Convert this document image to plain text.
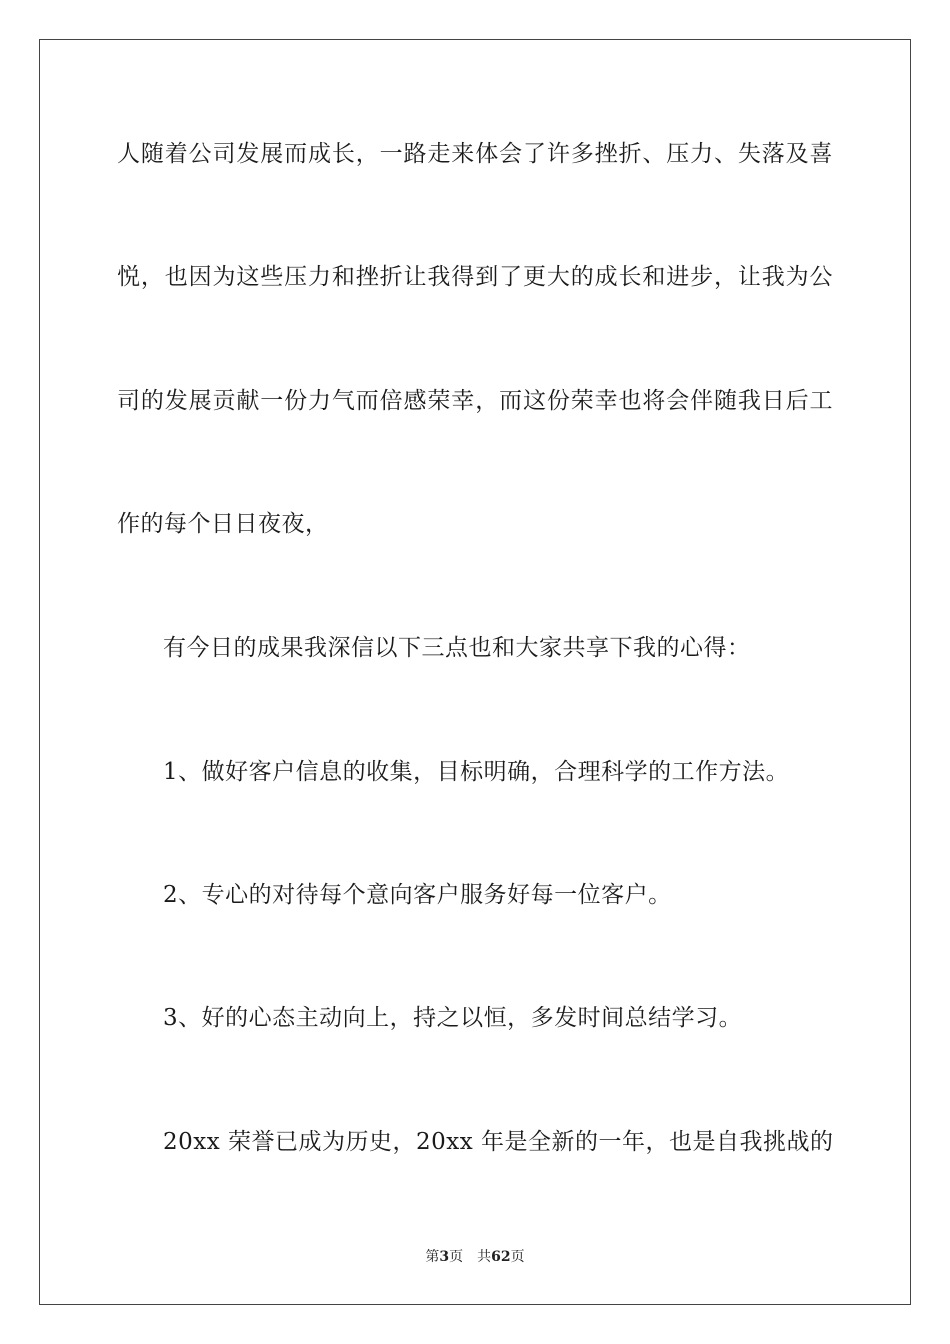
人随着公司发展而成长，一路走来体会了许多挫折、压力、失落及喜
悦，也因为这些压力和挫折让我得到了更大的成长和进步，让我为公
司的发展贡献一份力气而倍感荣幸，而这份荣幸也将会伴随我日后工
作的每个日日夜夜，
有今日的成果我深信以下三点也和大家共享下我的心得：
1、做好客户信息的收集，目标明确，合理科学的工作方法。
2、专心的对待每个意向客户服务好每一位客户。
3、好的心态主动向上，持之以恒，多发时间总结学习。
20xx 荣誉已成为历史，20xx 年是全新的一年，也是自我挑战的
第3页 共62页
